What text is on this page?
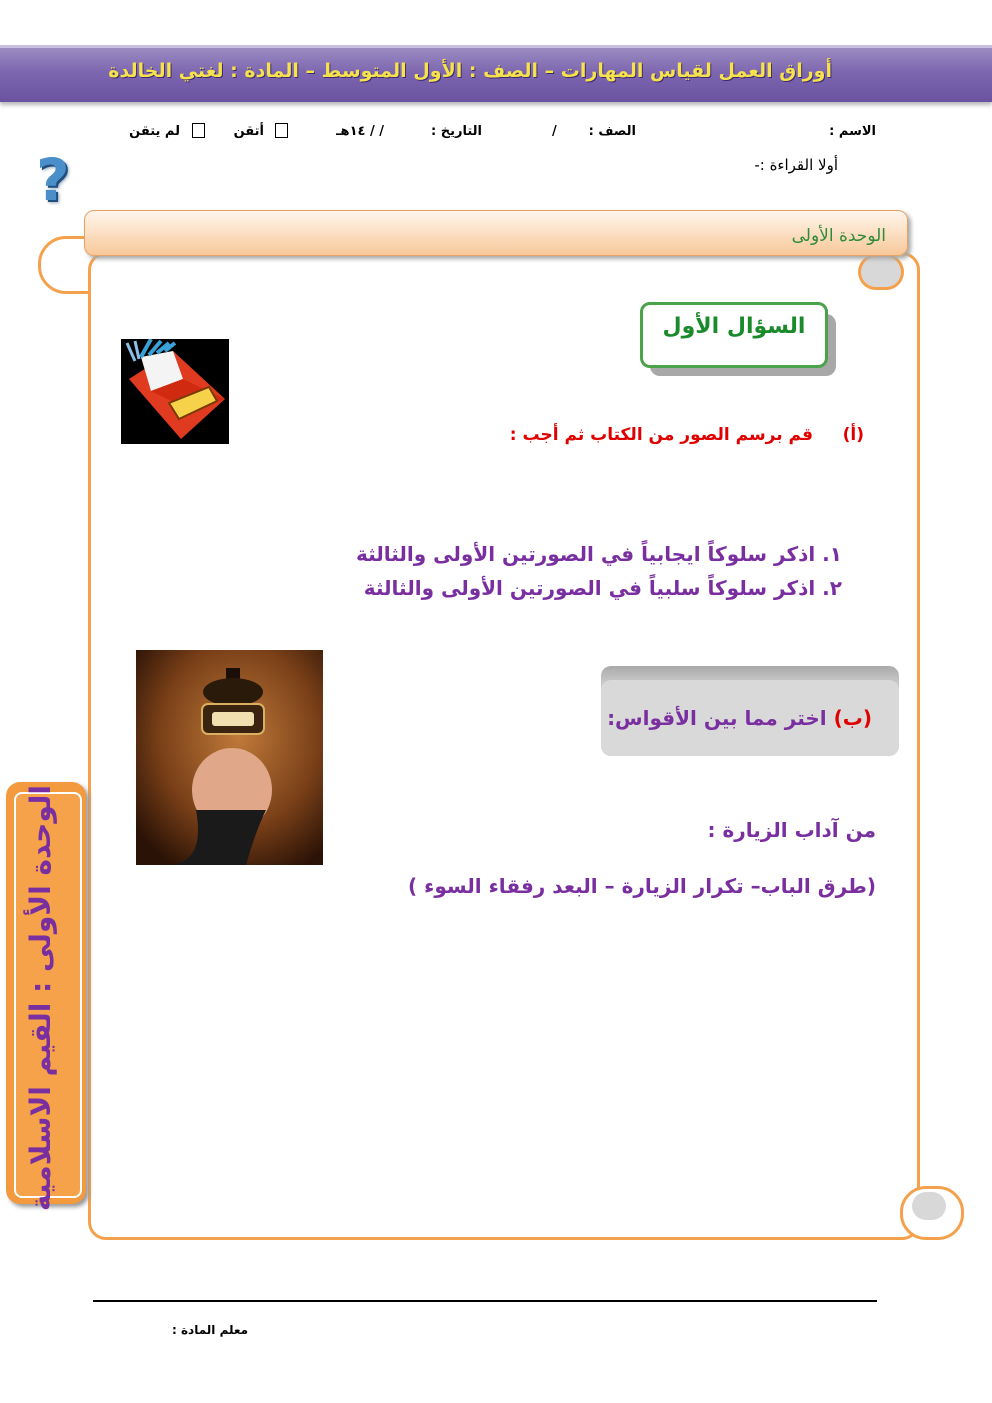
أوراق العمل لقياس المهارات – الصف : الأول المتوسط – المادة : لغتي الخالدة
الاسم :
الصف :
/
التاريخ :
/ / ١٤هـ
أتقن
لم يتقن
أولا القراءة :-
?
الوحدة الأولى
الوحدة الأولى : القيم الاسلامية
السؤال الأول
(أ)     قم برسم الصور من الكتاب ثم أجب :
١. اذكر سلوكاً ايجابياً في الصورتين الأولى والثالثة
٢. اذكر سلوكاً سلبياً في الصورتين الأولى والثالثة
(ب) اختر مما بين الأقواس:
من آداب الزيارة :
(طرق الباب– تكرار الزيارة – البعد رفقاء السوء )
معلم المادة :
